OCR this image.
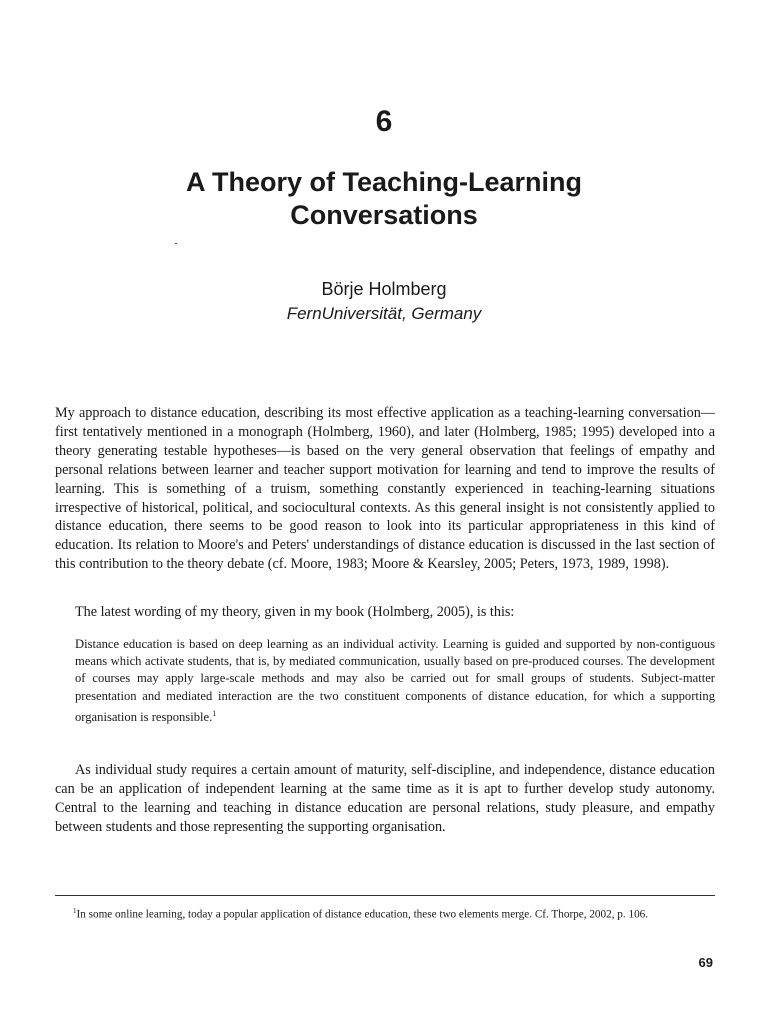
6
A Theory of Teaching-Learning
Conversations
Börje Holmberg
FernUniversität, Germany

My approach to distance education, describing its most effective application as a teaching-learning conversation—first tentatively mentioned in a monograph (Holmberg, 1960), and later (Holmberg, 1985; 1995) developed into a theory generating testable hypotheses—is based on the very general observation that feelings of empathy and personal relations between learner and teacher support motivation for learning and tend to improve the results of learning. This is something of a truism, something constantly experienced in teaching-learning situations irrespective of historical, political, and sociocultural contexts. As this general insight is not consistently applied to distance education, there seems to be good reason to look into its particular appropriateness in this kind of education. Its relation to Moore's and Peters' understandings of distance education is discussed in the last section of this contribution to the theory debate (cf. Moore, 1983; Moore & Kearsley, 2005; Peters, 1973, 1989, 1998).

The latest wording of my theory, given in my book (Holmberg, 2005), is this:

Distance education is based on deep learning as an individual activity. Learning is guided and supported by non-contiguous means which activate students, that is, by mediated communication, usually based on pre-produced courses. The development of courses may apply large-scale methods and may also be carried out for small groups of students. Subject-matter presentation and mediated interaction are the two constituent components of distance education, for which a supporting organisation is responsible.$^1$

As individual study requires a certain amount of maturity, self-discipline, and independence, distance education can be an application of independent learning at the same time as it is apt to further develop study autonomy. Central to the learning and teaching in distance education are personal relations, study pleasure, and empathy between students and those representing the supporting organisation.

$^1$In some online learning, today a popular application of distance education, these two elements merge. Cf. Thorpe, 2002, p. 106.
69
